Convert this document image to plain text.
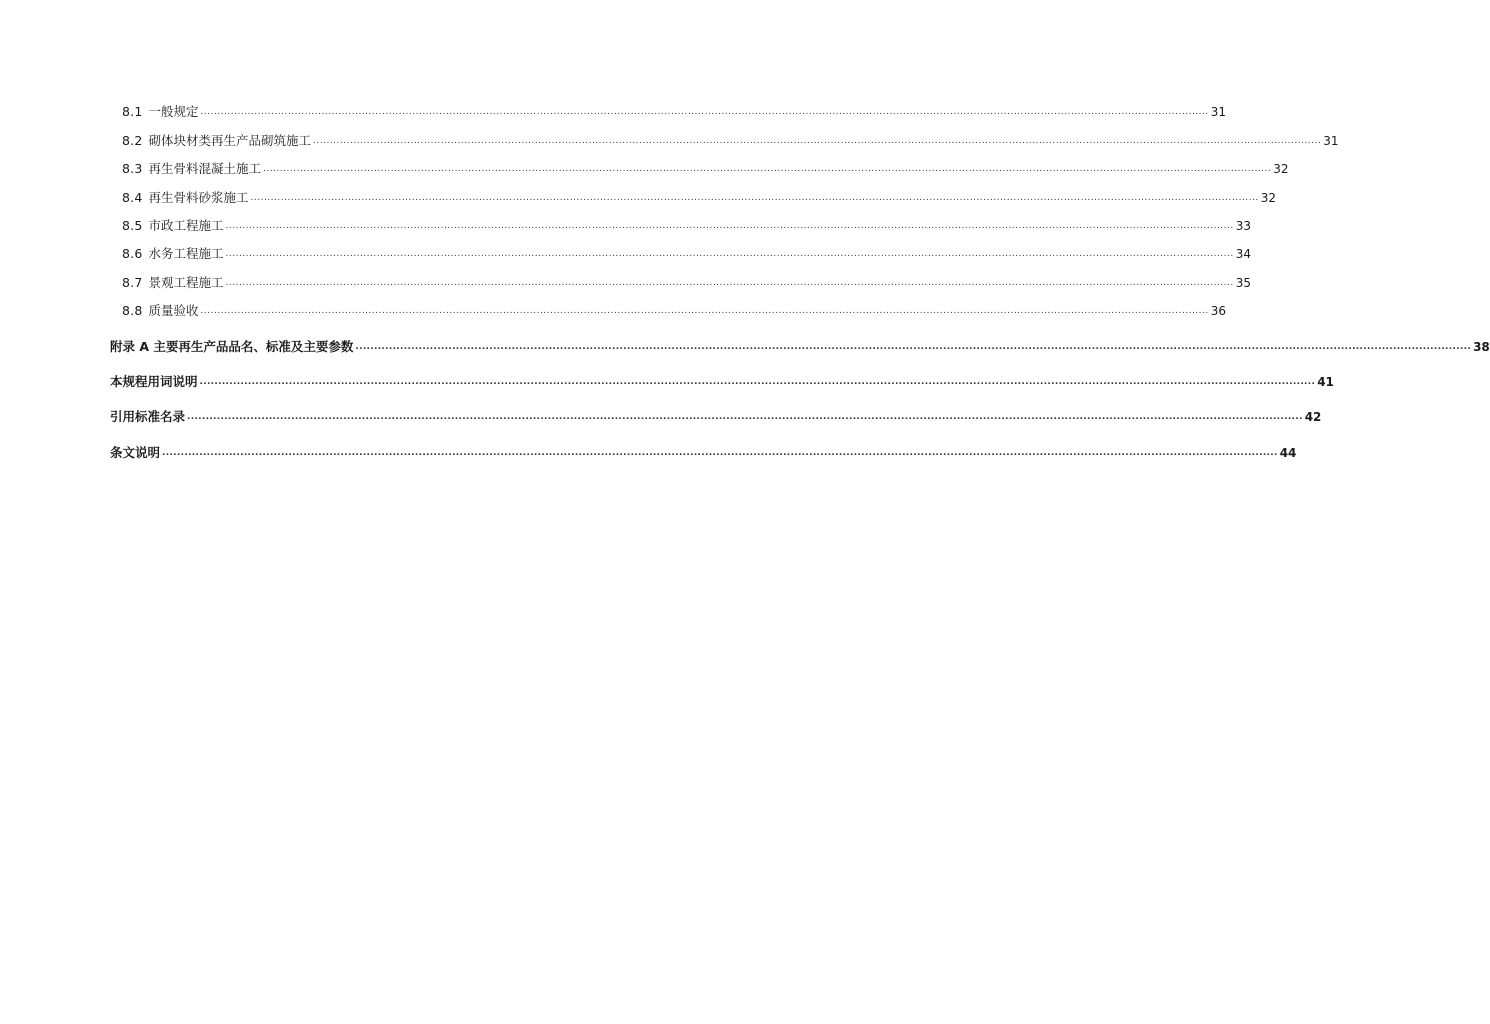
8.1 一般规定 ............................................................................................................................................................................................................................................................................................................ 31
8.2 砌体块材类再生产品砌筑施工 ............................................................................................................................................................................................................................................................................................................ 31
8.3 再生骨料混凝土施工 ............................................................................................................................................................................................................................................................................................................ 32
8.4 再生骨料砂浆施工 ............................................................................................................................................................................................................................................................................................................ 32
8.5 市政工程施工 ............................................................................................................................................................................................................................................................................................................ 33
8.6 水务工程施工 ............................................................................................................................................................................................................................................................................................................ 34
8.7 景观工程施工 ............................................................................................................................................................................................................................................................................................................ 35
8.8 质量验收 ............................................................................................................................................................................................................................................................................................................ 36
附录 A 主要再生产品品名、标准及主要参数 ............................................................................................................................................................................................................................................................................................................ 38
本规程用词说明 ............................................................................................................................................................................................................................................................................................................ 41
引用标准名录 ............................................................................................................................................................................................................................................................................................................ 42
条文说明 ............................................................................................................................................................................................................................................................................................................ 44
